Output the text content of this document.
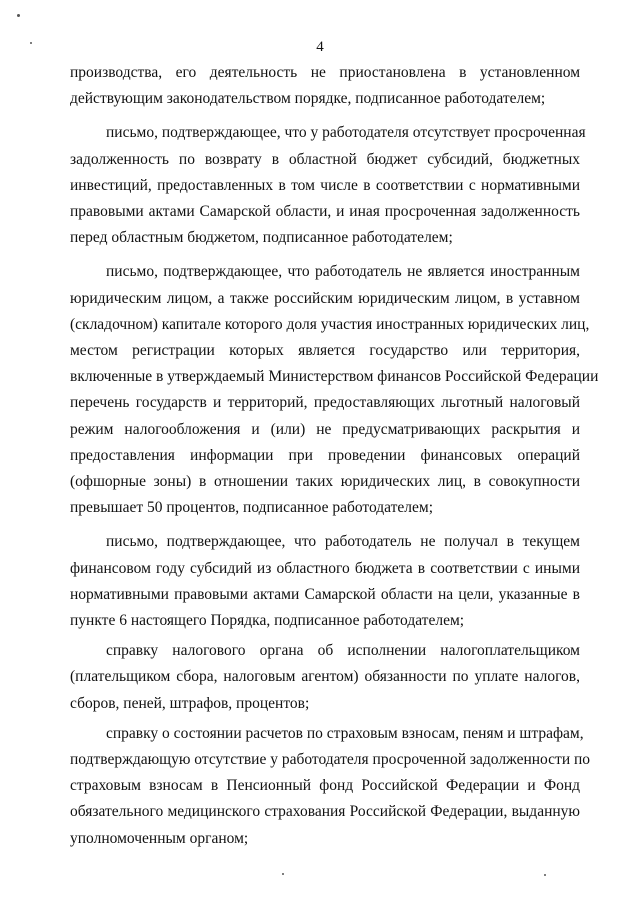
4

производства, его деятельность не приостановлена в установленном
действующим законодательством порядке, подписанное работодателем;

письмо, подтверждающее, что у работодателя отсутствует просроченная
задолженность по возврату в областной бюджет субсидий, бюджетных
инвестиций, предоставленных в том числе в соответствии с нормативными
правовыми актами Самарской области, и иная просроченная задолженность
перед областным бюджетом, подписанное работодателем;

письмо, подтверждающее, что работодатель не является иностранным
юридическим лицом, а также российским юридическим лицом, в уставном
(складочном) капитале которого доля участия иностранных юридических лиц,
местом регистрации которых является государство или территория,
включенные в утверждаемый Министерством финансов Российской Федерации
перечень государств и территорий, предоставляющих льготный налоговый
режим налогообложения и (или) не предусматривающих раскрытия и
предоставления информации при проведении финансовых операций
(офшорные зоны) в отношении таких юридических лиц, в совокупности
превышает 50 процентов, подписанное работодателем;

письмо, подтверждающее, что работодатель не получал в текущем
финансовом году субсидий из областного бюджета в соответствии с иными
нормативными правовыми актами Самарской области на цели, указанные в
пункте 6 настоящего Порядка, подписанное работодателем;

справку налогового органа об исполнении налогоплательщиком
(плательщиком сбора, налоговым агентом) обязанности по уплате налогов,
сборов, пеней, штрафов, процентов;

справку о состоянии расчетов по страховым взносам, пеням и штрафам,
подтверждающую отсутствие у работодателя просроченной задолженности по
страховым взносам в Пенсионный фонд Российской Федерации и Фонд
обязательного медицинского страхования Российской Федерации, выданную
уполномоченным органом;
